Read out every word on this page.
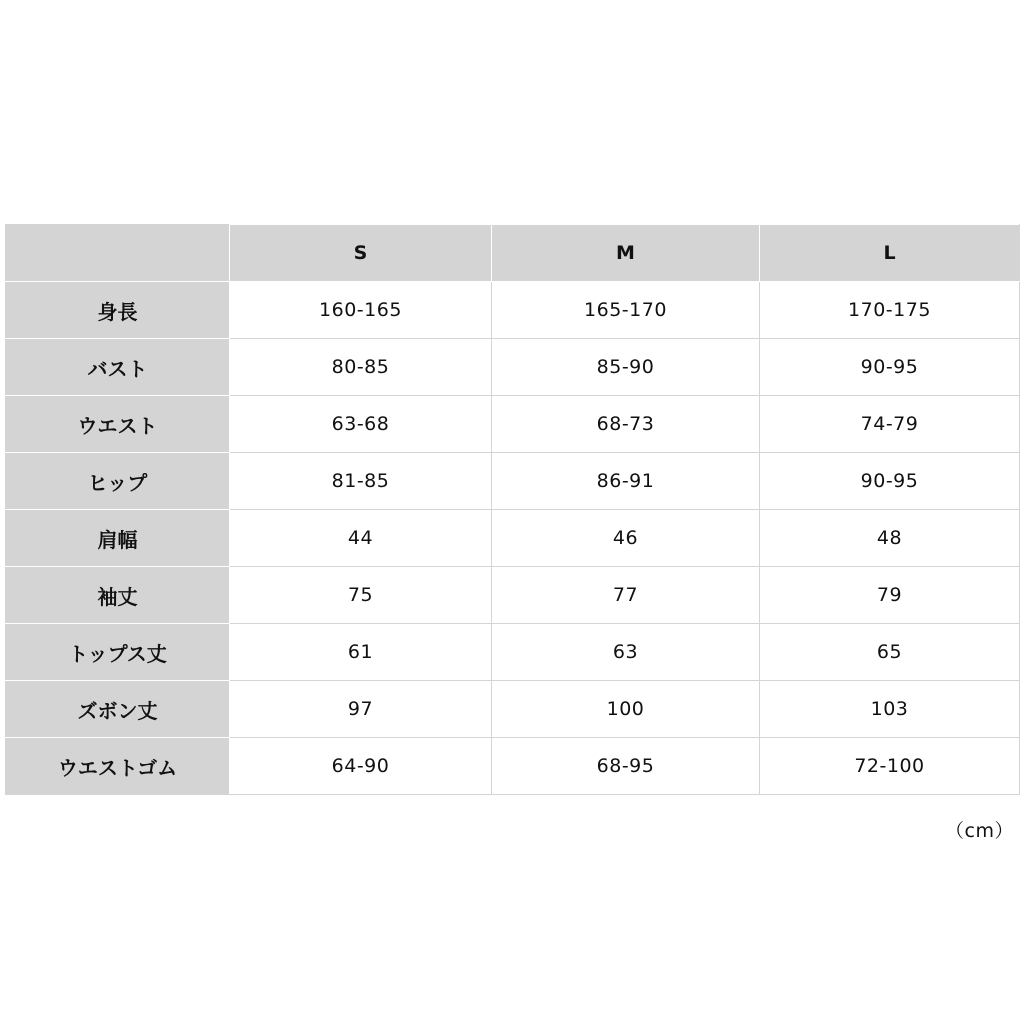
	S	M	L
身長	160-165	165-170	170-175
バスト	80-85	85-90	90-95
ウエスト	63-68	68-73	74-79
ヒップ	81-85	86-91	90-95
肩幅	44	46	48
袖丈	75	77	79
トップス丈	61	63	65
ズボン丈	97	100	103
ウエストゴム	64-90	68-95	72-100
（cm）
